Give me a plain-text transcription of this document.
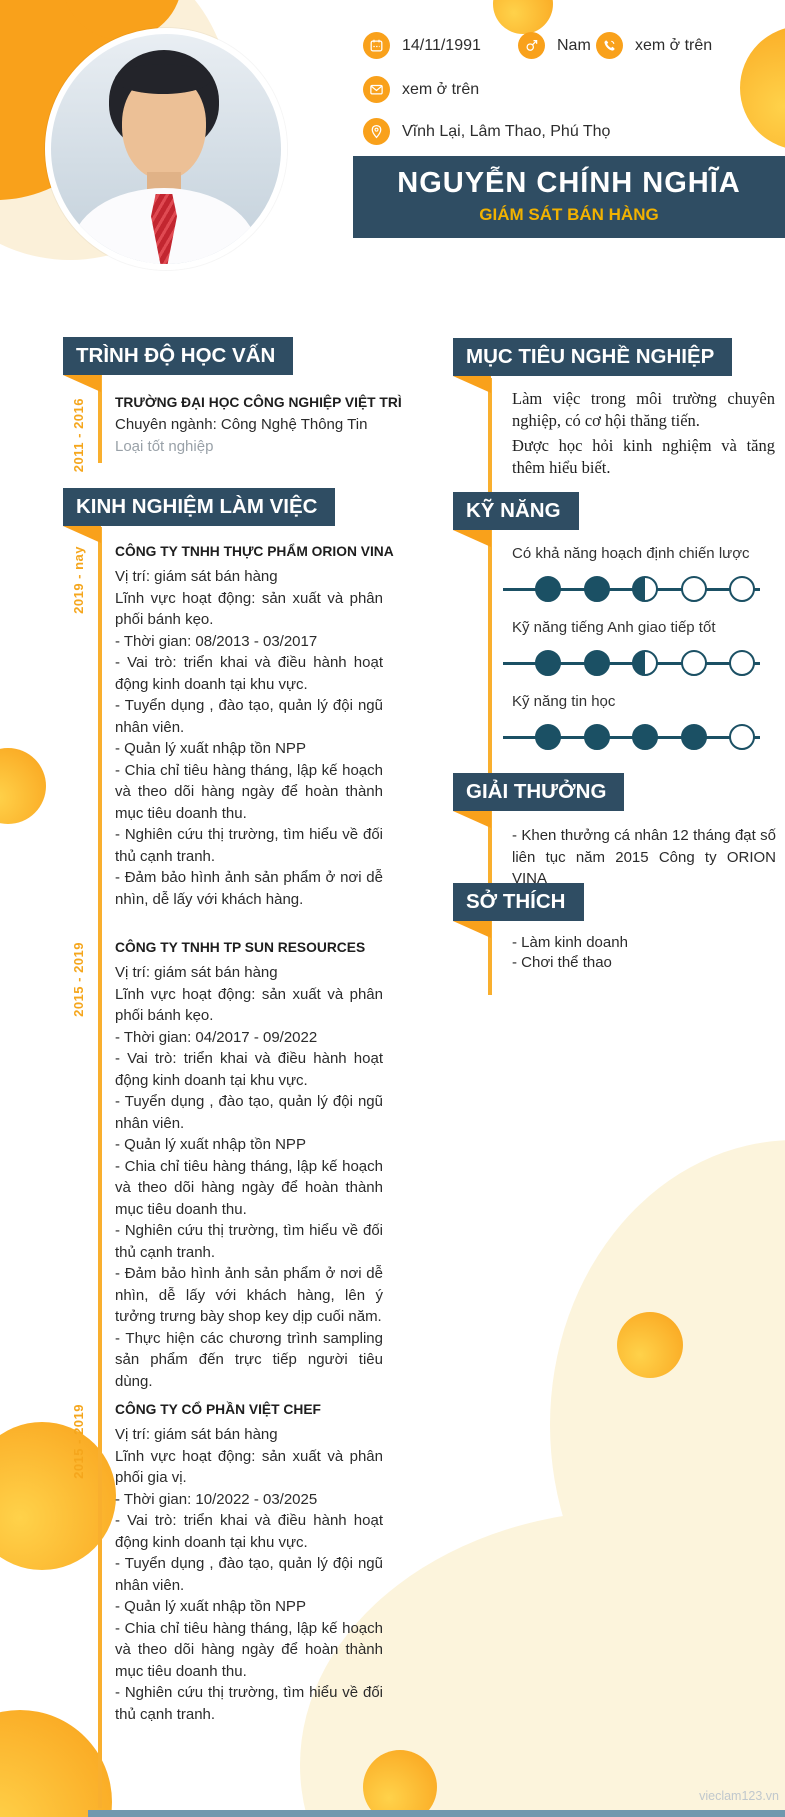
14/11/1991	Nam	xem ở trên
xem ở trên
Vĩnh Lại, Lâm Thao, Phú Thọ
NGUYỄN CHÍNH NGHĨA
GIÁM SÁT BÁN HÀNG
TRÌNH ĐỘ HỌC VẤN
KINH NGHIỆM LÀM VIỆC
MỤC TIÊU NGHỀ NGHIỆP
KỸ NĂNG
GIẢI THƯỞNG
SỞ THÍCH
2011 - 2016 TRƯỜNG ĐẠI HỌC CÔNG NGHIỆP VIỆT TRÌ
Chuyên ngành: Công Nghệ Thông Tin
Loại tốt nghiệp
2019 - nay CÔNG TY TNHH THỰC PHẨM ORION VINA
Vị trí: giám sát bán hàng
Lĩnh vực hoạt động: sản xuất và phân phối bánh kẹo.
- Thời gian: 08/2013 - 03/2017
- Vai trò: triển khai và điều hành hoạt động kinh doanh tại khu vực.
- Tuyển dụng , đào tạo, quản lý đội ngũ nhân viên.
- Quản lý xuất nhập tồn NPP
- Chia chỉ tiêu hàng tháng, lập kế hoạch và theo dõi hàng ngày để hoàn thành mục tiêu doanh thu.
- Nghiên cứu thị trường, tìm hiểu về đối thủ cạnh tranh.
- Đảm bảo hình ảnh sản phẩm ở nơi dễ nhìn, dễ lấy với khách hàng.
2015 - 2019 CÔNG TY TNHH TP SUN RESOURCES
Vị trí: giám sát bán hàng
Lĩnh vực hoạt động: sản xuất và phân phối bánh kẹo.
- Thời gian: 04/2017 - 09/2022
- Vai trò: triển khai và điều hành hoạt động kinh doanh tại khu vực.
- Tuyển dụng , đào tạo, quản lý đội ngũ nhân viên.
- Quản lý xuất nhập tồn NPP
- Chia chỉ tiêu hàng tháng, lập kế hoạch và theo dõi hàng ngày để hoàn thành mục tiêu doanh thu.
- Nghiên cứu thị trường, tìm hiểu về đối thủ cạnh tranh.
- Đảm bảo hình ảnh sản phẩm ở nơi dễ nhìn, dễ lấy với khách hàng, lên ý tưởng trưng bày shop key dịp cuối năm.
- Thực hiện các chương trình sampling sản phẩm đến trực tiếp người tiêu dùng.
2015 - 2019 CÔNG TY CỔ PHẦN VIỆT CHEF
Vị trí: giám sát bán hàng
Lĩnh vực hoạt động: sản xuất và phân phối gia vị.
- Thời gian: 10/2022 - 03/2025
- Vai trò: triển khai và điều hành hoạt động kinh doanh tại khu vực.
- Tuyển dụng , đào tạo, quản lý đội ngũ nhân viên.
- Quản lý xuất nhập tồn NPP
- Chia chỉ tiêu hàng tháng, lập kế hoạch và theo dõi hàng ngày để hoàn thành mục tiêu doanh thu.
- Nghiên cứu thị trường, tìm hiểu về đối thủ cạnh tranh.
Làm việc trong môi trường chuyên nghiệp, có cơ hội thăng tiến.
Được học hỏi kinh nghiệm và tăng thêm hiểu biết.
Có khả năng hoạch định chiến lược
Kỹ năng tiếng Anh giao tiếp tốt
Kỹ năng tin học
- Khen thưởng cá nhân 12 tháng đạt số liên tục năm 2015 Công ty ORION VINA
- Làm kinh doanh
- Chơi thể thao
vieclam123.vn
